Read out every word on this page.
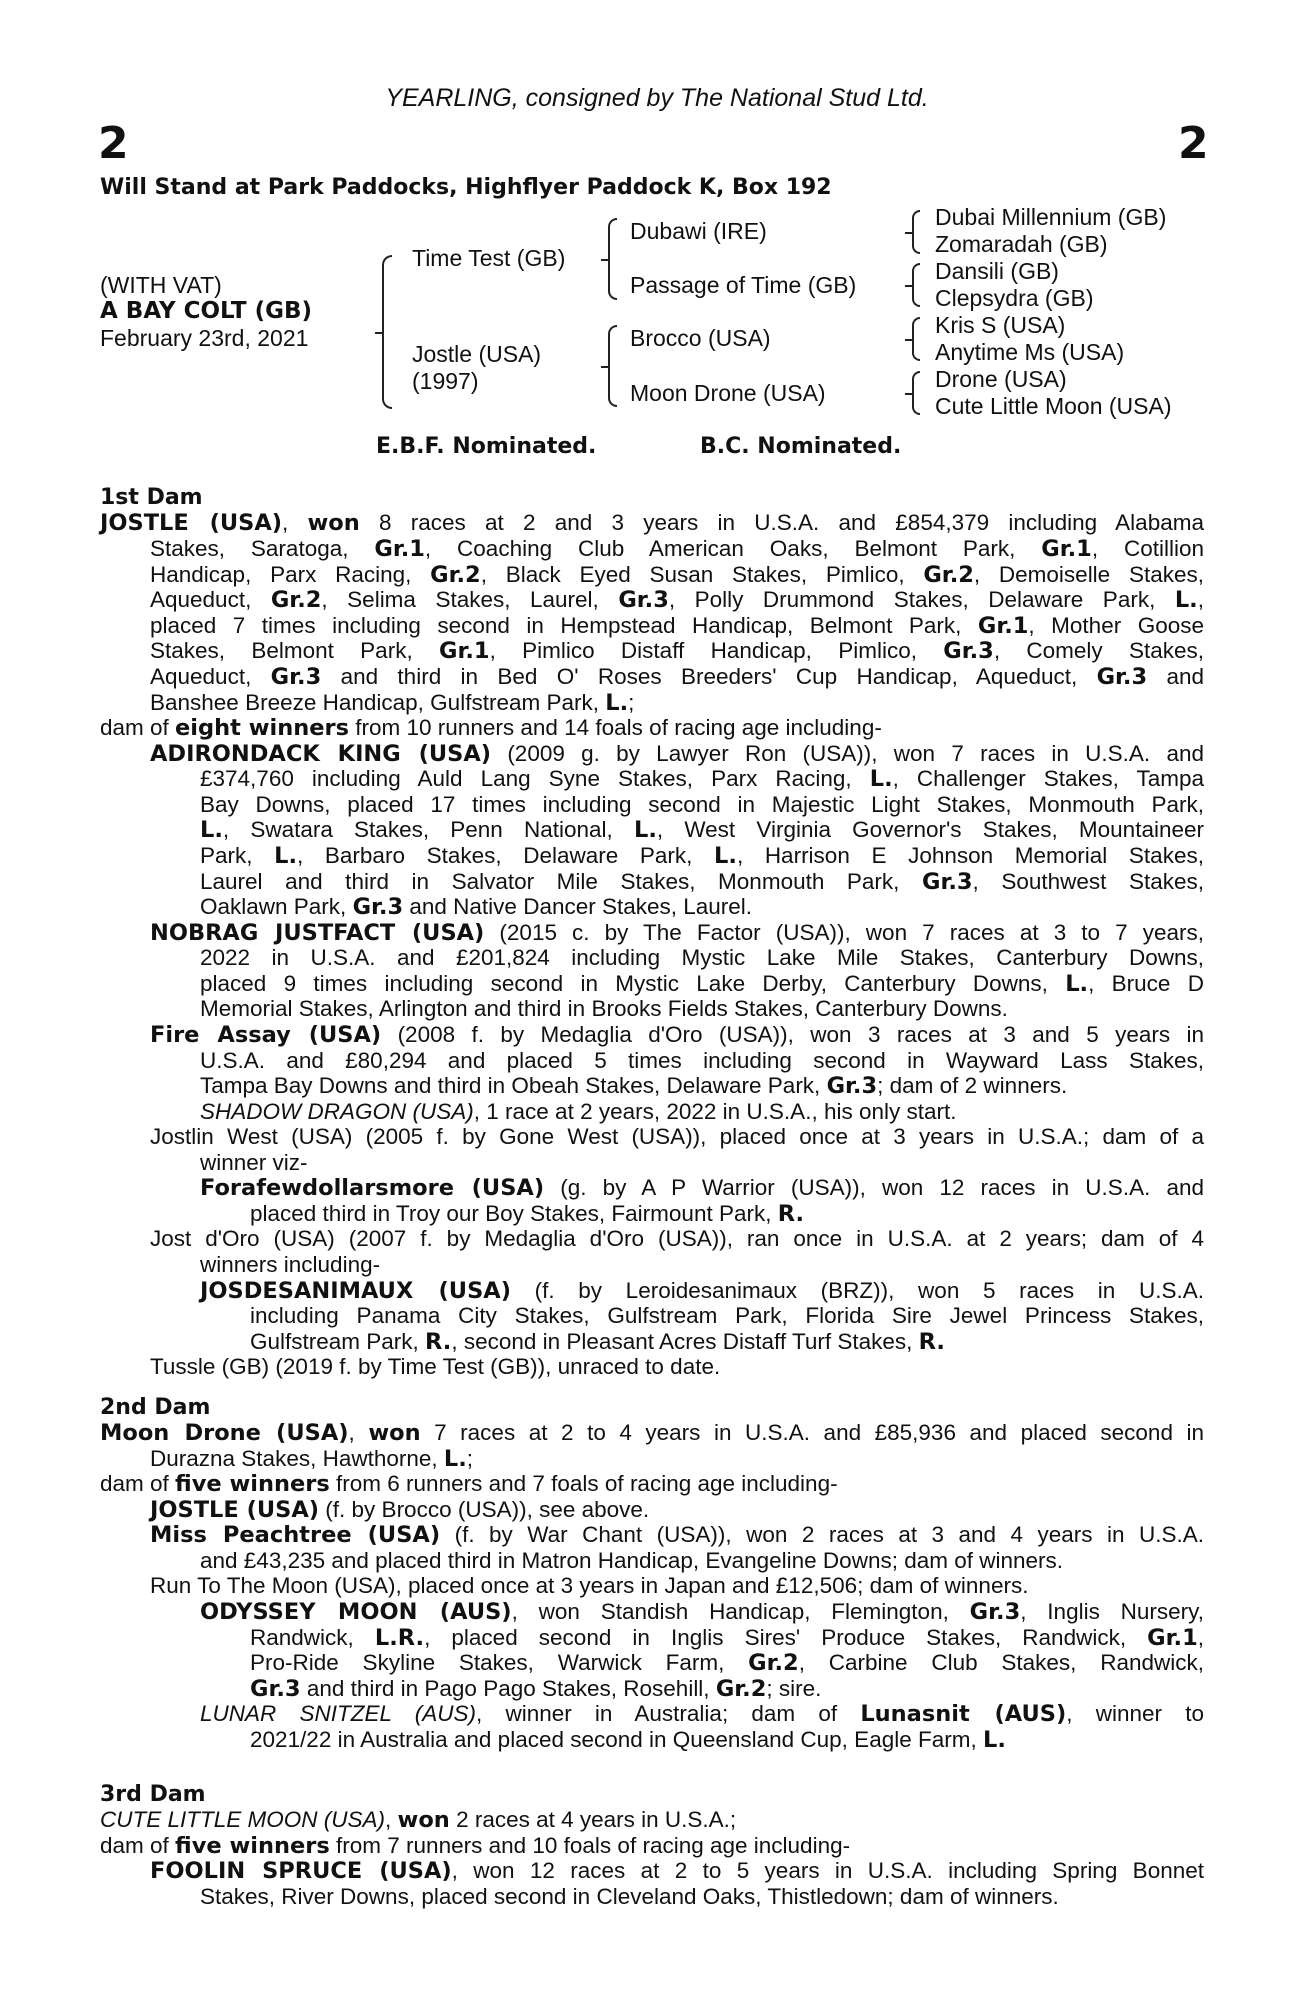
YEARLING, consigned by The National Stud Ltd.
2	2
Will Stand at Park Paddocks, Highflyer Paddock K, Box 192
(WITH VAT)
A BAY COLT (GB)
February 23rd, 2021
Time Test (GB)
Jostle (USA)
(1997)
Dubawi (IRE)
Passage of Time (GB)
Brocco (USA)
Moon Drone (USA)
Dubai Millennium (GB)
Zomaradah (GB)
Dansili (GB)
Clepsydra (GB)
Kris S (USA)
Anytime Ms (USA)
Drone (USA)
Cute Little Moon (USA)
E.B.F. Nominated.	B.C. Nominated.
1st Dam
2nd Dam
3rd Dam
JOSTLE (USA), won 8 races at 2 and 3 years in U.S.A. and £854,379 including Alabama
Stakes, Saratoga, Gr.1, Coaching Club American Oaks, Belmont Park, Gr.1, Cotillion
Handicap, Parx Racing, Gr.2, Black Eyed Susan Stakes, Pimlico, Gr.2, Demoiselle Stakes,
Aqueduct, Gr.2, Selima Stakes, Laurel, Gr.3, Polly Drummond Stakes, Delaware Park, L.,
placed 7 times including second in Hempstead Handicap, Belmont Park, Gr.1, Mother Goose
Stakes, Belmont Park, Gr.1, Pimlico Distaff Handicap, Pimlico, Gr.3, Comely Stakes,
Aqueduct, Gr.3 and third in Bed O' Roses Breeders' Cup Handicap, Aqueduct, Gr.3 and
Banshee Breeze Handicap, Gulfstream Park, L.;
dam of eight winners from 10 runners and 14 foals of racing age including-
ADIRONDACK KING (USA) (2009 g. by Lawyer Ron (USA)), won 7 races in U.S.A. and
£374,760 including Auld Lang Syne Stakes, Parx Racing, L., Challenger Stakes, Tampa
Bay Downs, placed 17 times including second in Majestic Light Stakes, Monmouth Park,
L., Swatara Stakes, Penn National, L., West Virginia Governor's Stakes, Mountaineer
Park, L., Barbaro Stakes, Delaware Park, L., Harrison E Johnson Memorial Stakes,
Laurel and third in Salvator Mile Stakes, Monmouth Park, Gr.3, Southwest Stakes,
Oaklawn Park, Gr.3 and Native Dancer Stakes, Laurel.
NOBRAG JUSTFACT (USA) (2015 c. by The Factor (USA)), won 7 races at 3 to 7 years,
2022 in U.S.A. and £201,824 including Mystic Lake Mile Stakes, Canterbury Downs,
placed 9 times including second in Mystic Lake Derby, Canterbury Downs, L., Bruce D
Memorial Stakes, Arlington and third in Brooks Fields Stakes, Canterbury Downs.
Fire Assay (USA) (2008 f. by Medaglia d'Oro (USA)), won 3 races at 3 and 5 years in
U.S.A. and £80,294 and placed 5 times including second in Wayward Lass Stakes,
Tampa Bay Downs and third in Obeah Stakes, Delaware Park, Gr.3; dam of 2 winners.
SHADOW DRAGON (USA), 1 race at 2 years, 2022 in U.S.A., his only start.
Jostlin West (USA) (2005 f. by Gone West (USA)), placed once at 3 years in U.S.A.; dam of a
winner viz-
Forafewdollarsmore (USA) (g. by A P Warrior (USA)), won 12 races in U.S.A. and
placed third in Troy our Boy Stakes, Fairmount Park, R.
Jost d'Oro (USA) (2007 f. by Medaglia d'Oro (USA)), ran once in U.S.A. at 2 years; dam of 4
winners including-
JOSDESANIMAUX (USA) (f. by Leroidesanimaux (BRZ)), won 5 races in U.S.A.
including Panama City Stakes, Gulfstream Park, Florida Sire Jewel Princess Stakes,
Gulfstream Park, R., second in Pleasant Acres Distaff Turf Stakes, R.
Tussle (GB) (2019 f. by Time Test (GB)), unraced to date.
Moon Drone (USA), won 7 races at 2 to 4 years in U.S.A. and £85,936 and placed second in
Durazna Stakes, Hawthorne, L.;
dam of five winners from 6 runners and 7 foals of racing age including-
JOSTLE (USA) (f. by Brocco (USA)), see above.
Miss Peachtree (USA) (f. by War Chant (USA)), won 2 races at 3 and 4 years in U.S.A.
and £43,235 and placed third in Matron Handicap, Evangeline Downs; dam of winners.
Run To The Moon (USA), placed once at 3 years in Japan and £12,506; dam of winners.
ODYSSEY MOON (AUS), won Standish Handicap, Flemington, Gr.3, Inglis Nursery,
Randwick, L.R., placed second in Inglis Sires' Produce Stakes, Randwick, Gr.1,
Pro-Ride Skyline Stakes, Warwick Farm, Gr.2, Carbine Club Stakes, Randwick,
Gr.3 and third in Pago Pago Stakes, Rosehill, Gr.2; sire.
LUNAR SNITZEL (AUS), winner in Australia; dam of Lunasnit (AUS), winner to
2021/22 in Australia and placed second in Queensland Cup, Eagle Farm, L.
CUTE LITTLE MOON (USA), won 2 races at 4 years in U.S.A.;
dam of five winners from 7 runners and 10 foals of racing age including-
FOOLIN SPRUCE (USA), won 12 races at 2 to 5 years in U.S.A. including Spring Bonnet
Stakes, River Downs, placed second in Cleveland Oaks, Thistledown; dam of winners.
